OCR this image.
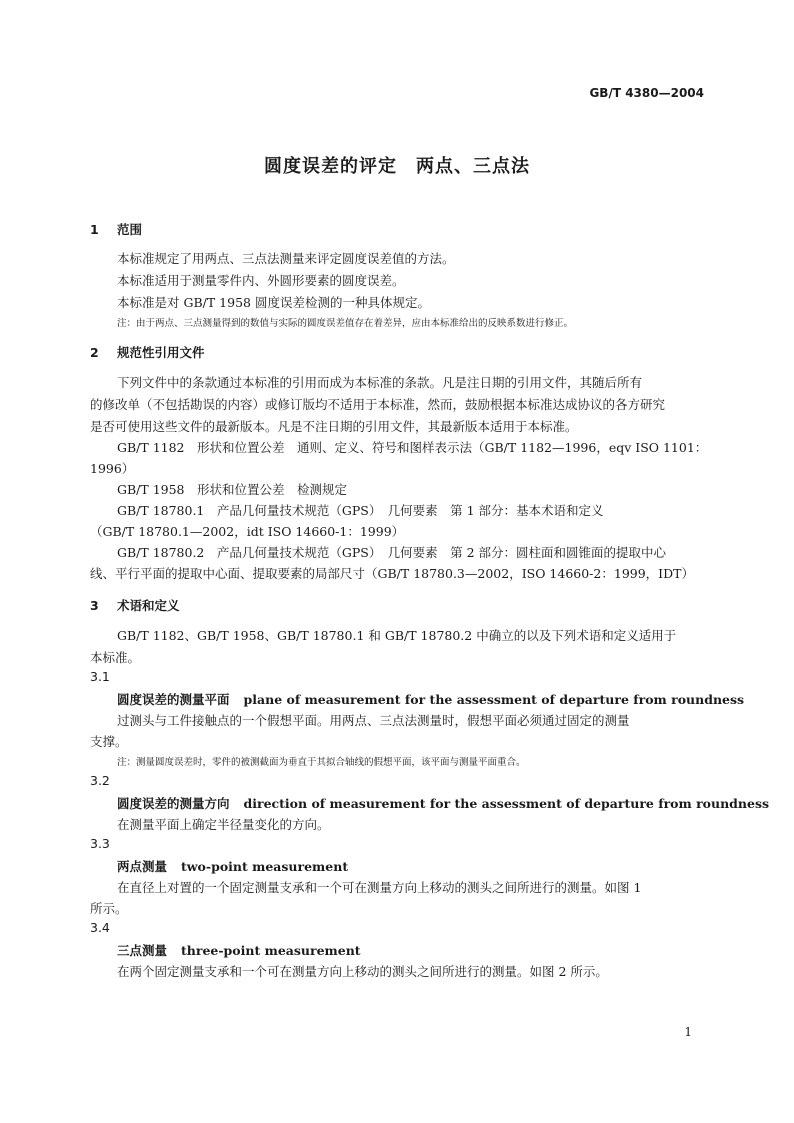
GB/T 4380—2004
圆度误差的评定　两点、三点法
1 范围
本标准规定了用两点、三点法测量来评定圆度误差值的方法。
本标准适用于测量零件内、外圆形要素的圆度误差。
本标准是对 GB/T 1958 圆度误差检测的一种具体规定。
注：由于两点、三点测量得到的数值与实际的圆度误差值存在着差异，应由本标准给出的反映系数进行修正。
2 规范性引用文件
下列文件中的条款通过本标准的引用而成为本标准的条款。凡是注日期的引用文件，其随后所有
的修改单（不包括勘误的内容）或修订版均不适用于本标准，然而，鼓励根据本标准达成协议的各方研究
是否可使用这些文件的最新版本。凡是不注日期的引用文件，其最新版本适用于本标准。
GB/T 1182　形状和位置公差　通则、定义、符号和图样表示法（GB/T 1182—1996，eqv ISO 1101：
1996）
GB/T 1958　形状和位置公差　检测规定
GB/T 18780.1　产品几何量技术规范（GPS）　几何要素　第 1 部分：基本术语和定义
（GB/T 18780.1—2002，idt ISO 14660-1：1999）
GB/T 18780.2　产品几何量技术规范（GPS）　几何要素　第 2 部分：圆柱面和圆锥面的提取中心
线、平行平面的提取中心面、提取要素的局部尺寸（GB/T 18780.3—2002，ISO 14660-2：1999，IDT）
3 术语和定义
GB/T 1182、GB/T 1958、GB/T 18780.1 和 GB/T 18780.2 中确立的以及下列术语和定义适用于
本标准。
3.1
圆度误差的测量平面 plane of measurement for the assessment of departure from roundness
过测头与工件接触点的一个假想平面。用两点、三点法测量时，假想平面必须通过固定的测量
支撑。
注：测量圆度误差时，零件的被测截面为垂直于其拟合轴线的假想平面，该平面与测量平面重合。
3.2
圆度误差的测量方向 direction of measurement for the assessment of departure from roundness
在测量平面上确定半径量变化的方向。
3.3
两点测量 two-point measurement
在直径上对置的一个固定测量支承和一个可在测量方向上移动的测头之间所进行的测量。如图 1
所示。
3.4
三点测量 three-point measurement
在两个固定测量支承和一个可在测量方向上移动的测头之间所进行的测量。如图 2 所示。
1
